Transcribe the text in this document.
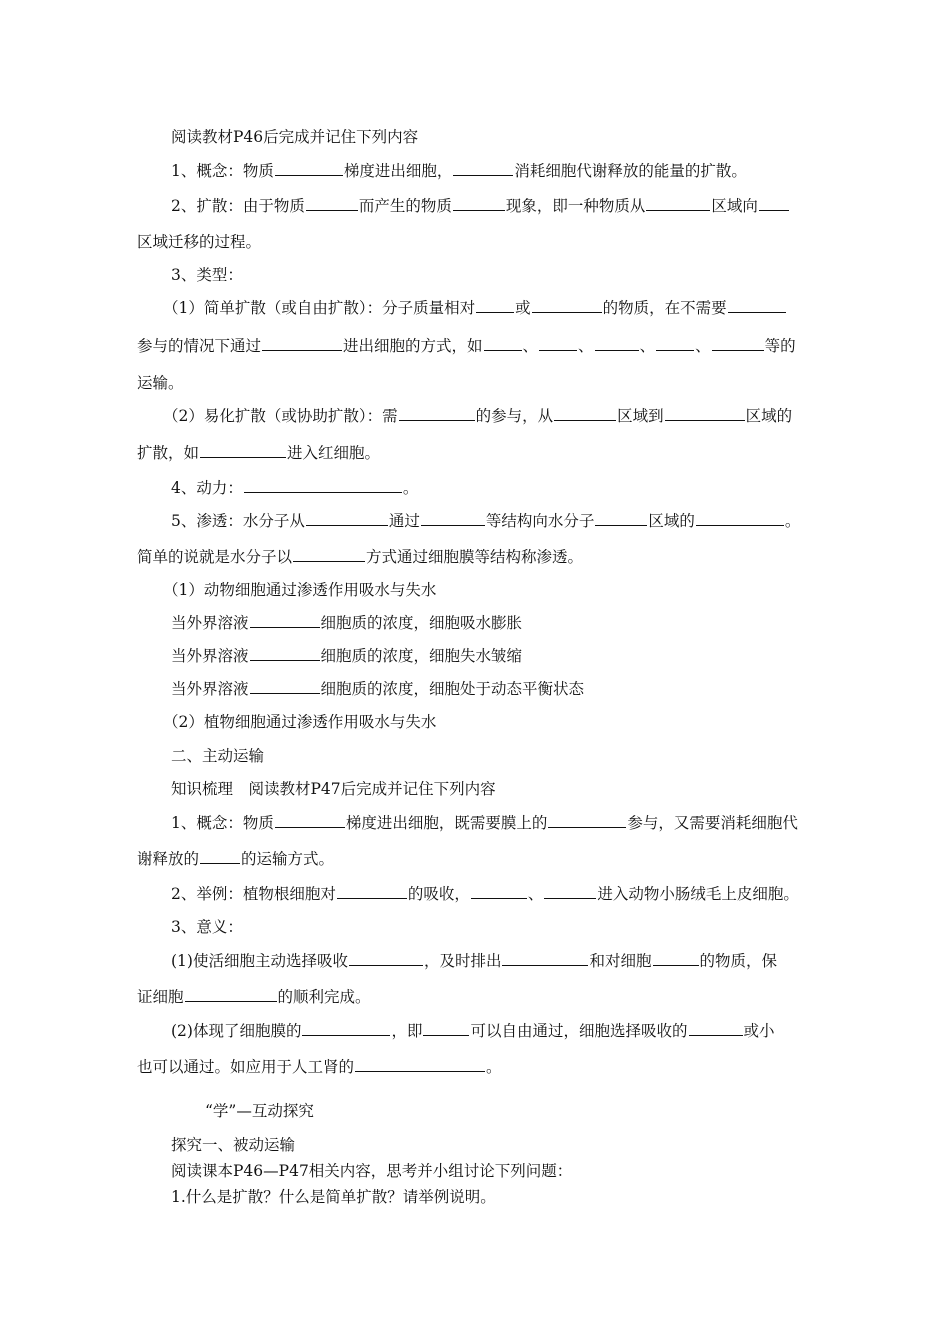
阅读教材P46后完成并记住下列内容
1、概念：物质	梯度进出细胞，	消耗细胞代谢释放的能量的扩散。
2、扩散：由于物质	而产生的物质	现象，即一种物质从	区域向
区域迁移的过程。
3、类型：
（1）简单扩散（或自由扩散）：分子质量相对	或	的物质，在不需要
参与的情况下通过	进出细胞的方式，如	、	、	、	、	等的
运输。
（2）易化扩散（或协助扩散）：需	的参与，从	区域到	区域的
扩散，如	进入红细胞。
4、动力：	。
5、渗透：水分子从	通过	等结构向水分子	区域的	。
简单的说就是水分子以	方式通过细胞膜等结构称渗透。
（1）动物细胞通过渗透作用吸水与失水
当外界溶液	细胞质的浓度，细胞吸水膨胀
当外界溶液	细胞质的浓度，细胞失水皱缩
当外界溶液	细胞质的浓度，细胞处于动态平衡状态
（2）植物细胞通过渗透作用吸水与失水
二、主动运输
知识梳理　阅读教材P47后完成并记住下列内容
1、概念：物质	梯度进出细胞，既需要膜上的	参与，又需要消耗细胞代
谢释放的	的运输方式。
2、举例：植物根细胞对	的吸收，	、	进入动物小肠绒毛上皮细胞。
3、意义：
(1)使活细胞主动选择吸收	，及时排出	和对细胞	的物质，保
证细胞	的顺利完成。
(2)体现了细胞膜的	，即	可以自由通过，细胞选择吸收的	或小
也可以通过。如应用于人工肾的	。
“学”—互动探究
探究一、被动运输
阅读课本P46—P47相关内容，思考并小组讨论下列问题：
1.什么是扩散？什么是简单扩散？请举例说明。
